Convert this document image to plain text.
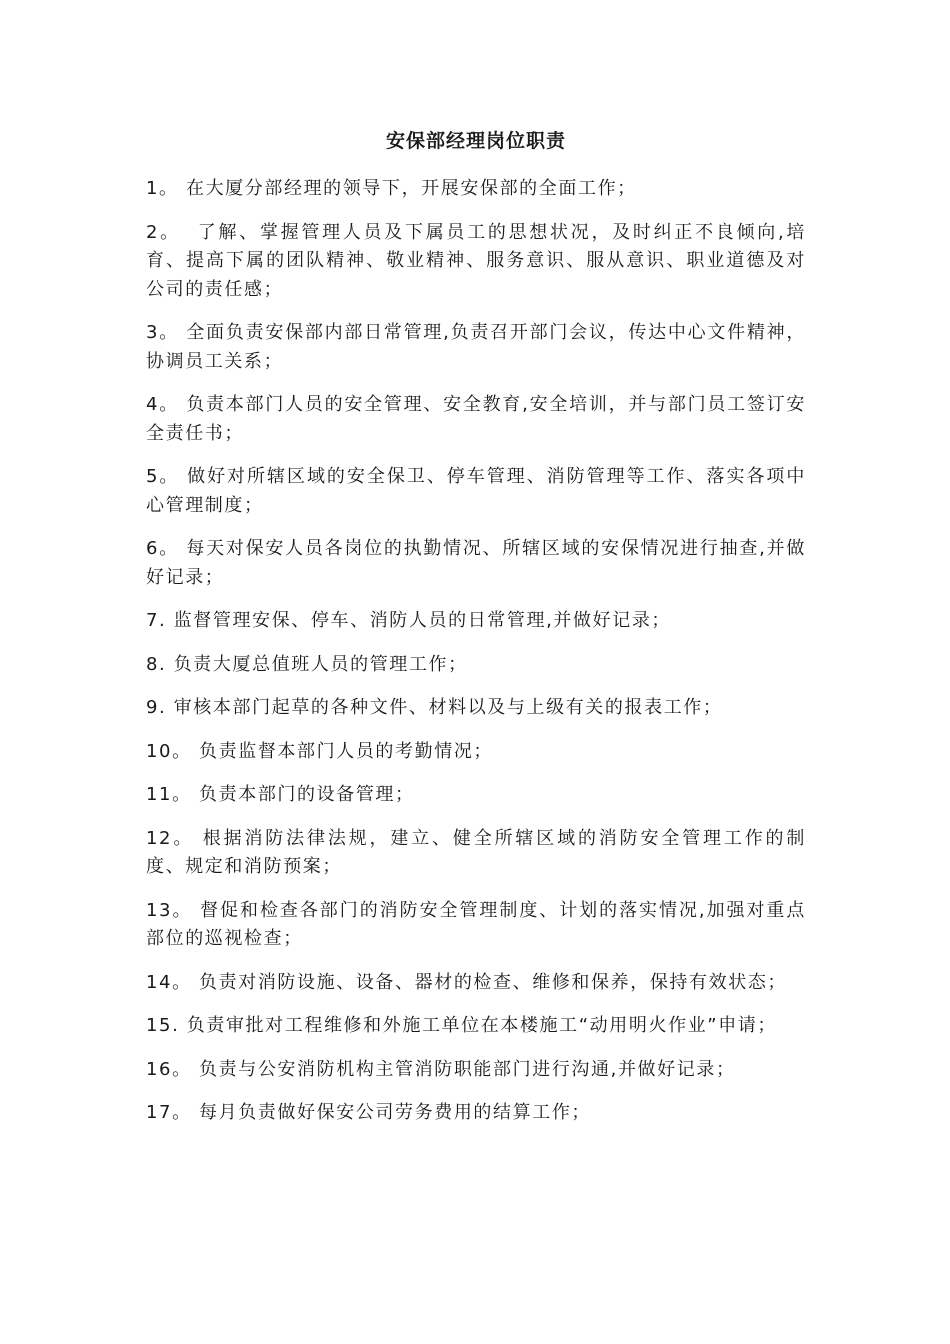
安保部经理岗位职责

1。 在大厦分部经理的领导下，开展安保部的全面工作；

2。  了解、掌握管理人员及下属员工的思想状况，及时纠正不良倾向,培育、提高下属的团队精神、敬业精神、服务意识、服从意识、职业道德及对公司的责任感；

3。 全面负责安保部内部日常管理,负责召开部门会议，传达中心文件精神，协调员工关系；

4。 负责本部门人员的安全管理、安全教育,安全培训，并与部门员工签订安全责任书；

5。 做好对所辖区域的安全保卫、停车管理、消防管理等工作、落实各项中心管理制度；

6。 每天对保安人员各岗位的执勤情况、所辖区域的安保情况进行抽查,并做好记录；

7. 监督管理安保、停车、消防人员的日常管理,并做好记录；

8. 负责大厦总值班人员的管理工作；

9. 审核本部门起草的各种文件、材料以及与上级有关的报表工作；

10。 负责监督本部门人员的考勤情况；

11。 负责本部门的设备管理；

12。 根据消防法律法规，建立、健全所辖区域的消防安全管理工作的制度、规定和消防预案；

13。 督促和检查各部门的消防安全管理制度、计划的落实情况,加强对重点部位的巡视检查；

14。 负责对消防设施、设备、器材的检查、维修和保养，保持有效状态；

15. 负责审批对工程维修和外施工单位在本楼施工“动用明火作业”申请；

16。 负责与公安消防机构主管消防职能部门进行沟通,并做好记录；

17。 每月负责做好保安公司劳务费用的结算工作；
